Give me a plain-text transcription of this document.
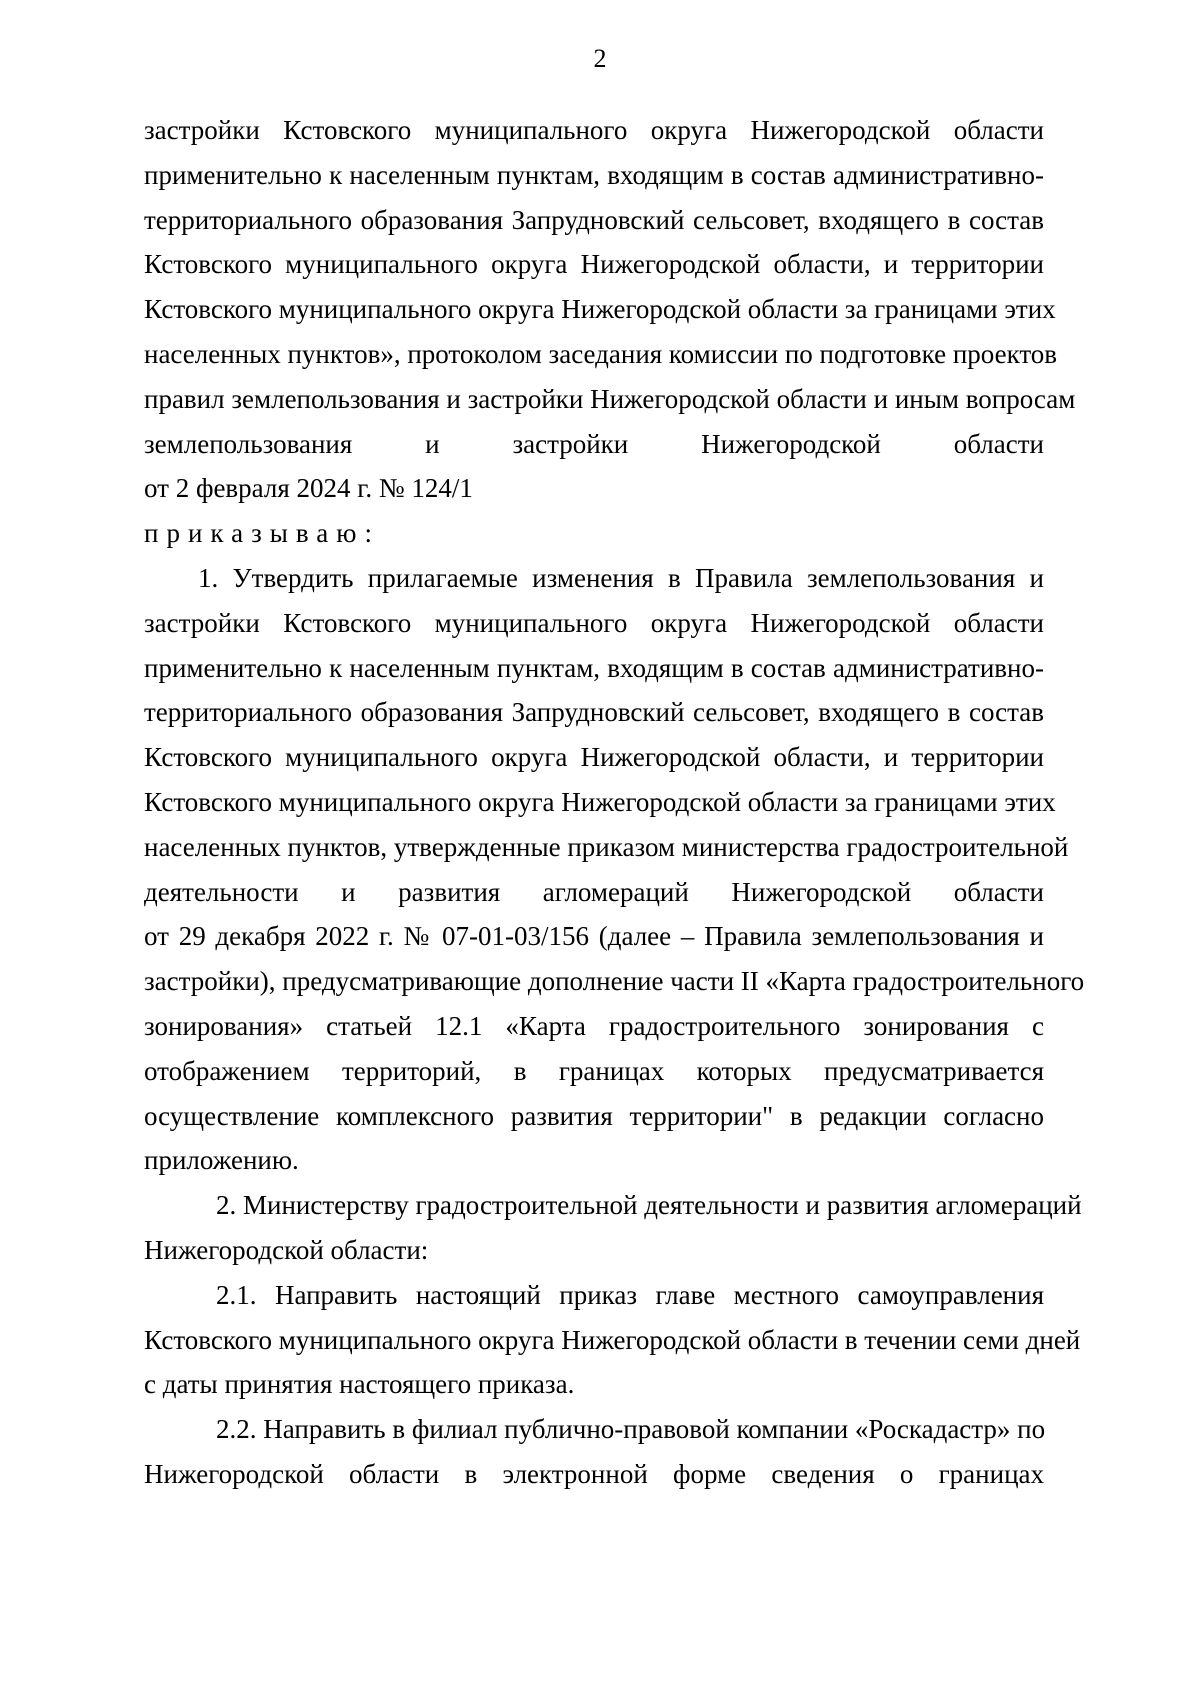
2
застройки Кстовского муниципального округа Нижегородской области
применительно к населенным пунктам, входящим в состав административно-
территориального образования Запрудновский сельсовет, входящего в состав
Кстовского муниципального округа Нижегородской области, и территории
Кстовского муниципального округа Нижегородской области за границами этих
населенных пунктов», протоколом заседания комиссии по подготовке проектов
правил землепользования и застройки Нижегородской области и иным вопросам
землепользования и застройки Нижегородской области
от 2 февраля 2024 г. № 124/1
приказываю:
1. Утвердить прилагаемые изменения в Правила землепользования и
застройки Кстовского муниципального округа Нижегородской области
применительно к населенным пунктам, входящим в состав административно-
территориального образования Запрудновский сельсовет, входящего в состав
Кстовского муниципального округа Нижегородской области, и территории
Кстовского муниципального округа Нижегородской области за границами этих
населенных пунктов, утвержденные приказом министерства градостроительной
деятельности и развития агломераций Нижегородской области
от 29 декабря 2022 г. № 07-01-03/156 (далее – Правила землепользования и
застройки), предусматривающие дополнение части II «Карта градостроительного
зонирования» статьей 12.1 «Карта градостроительного зонирования с
отображением территорий, в границах которых предусматривается
осуществление комплексного развития территории" в редакции согласно
приложению.
2. Министерству градостроительной деятельности и развития агломераций
Нижегородской области:
2.1. Направить настоящий приказ главе местного самоуправления
Кстовского муниципального округа Нижегородской области в течении семи дней
с даты принятия настоящего приказа.
2.2. Направить в филиал публично-правовой компании «Роскадастр» по
Нижегородской области в электронной форме сведения о границах
